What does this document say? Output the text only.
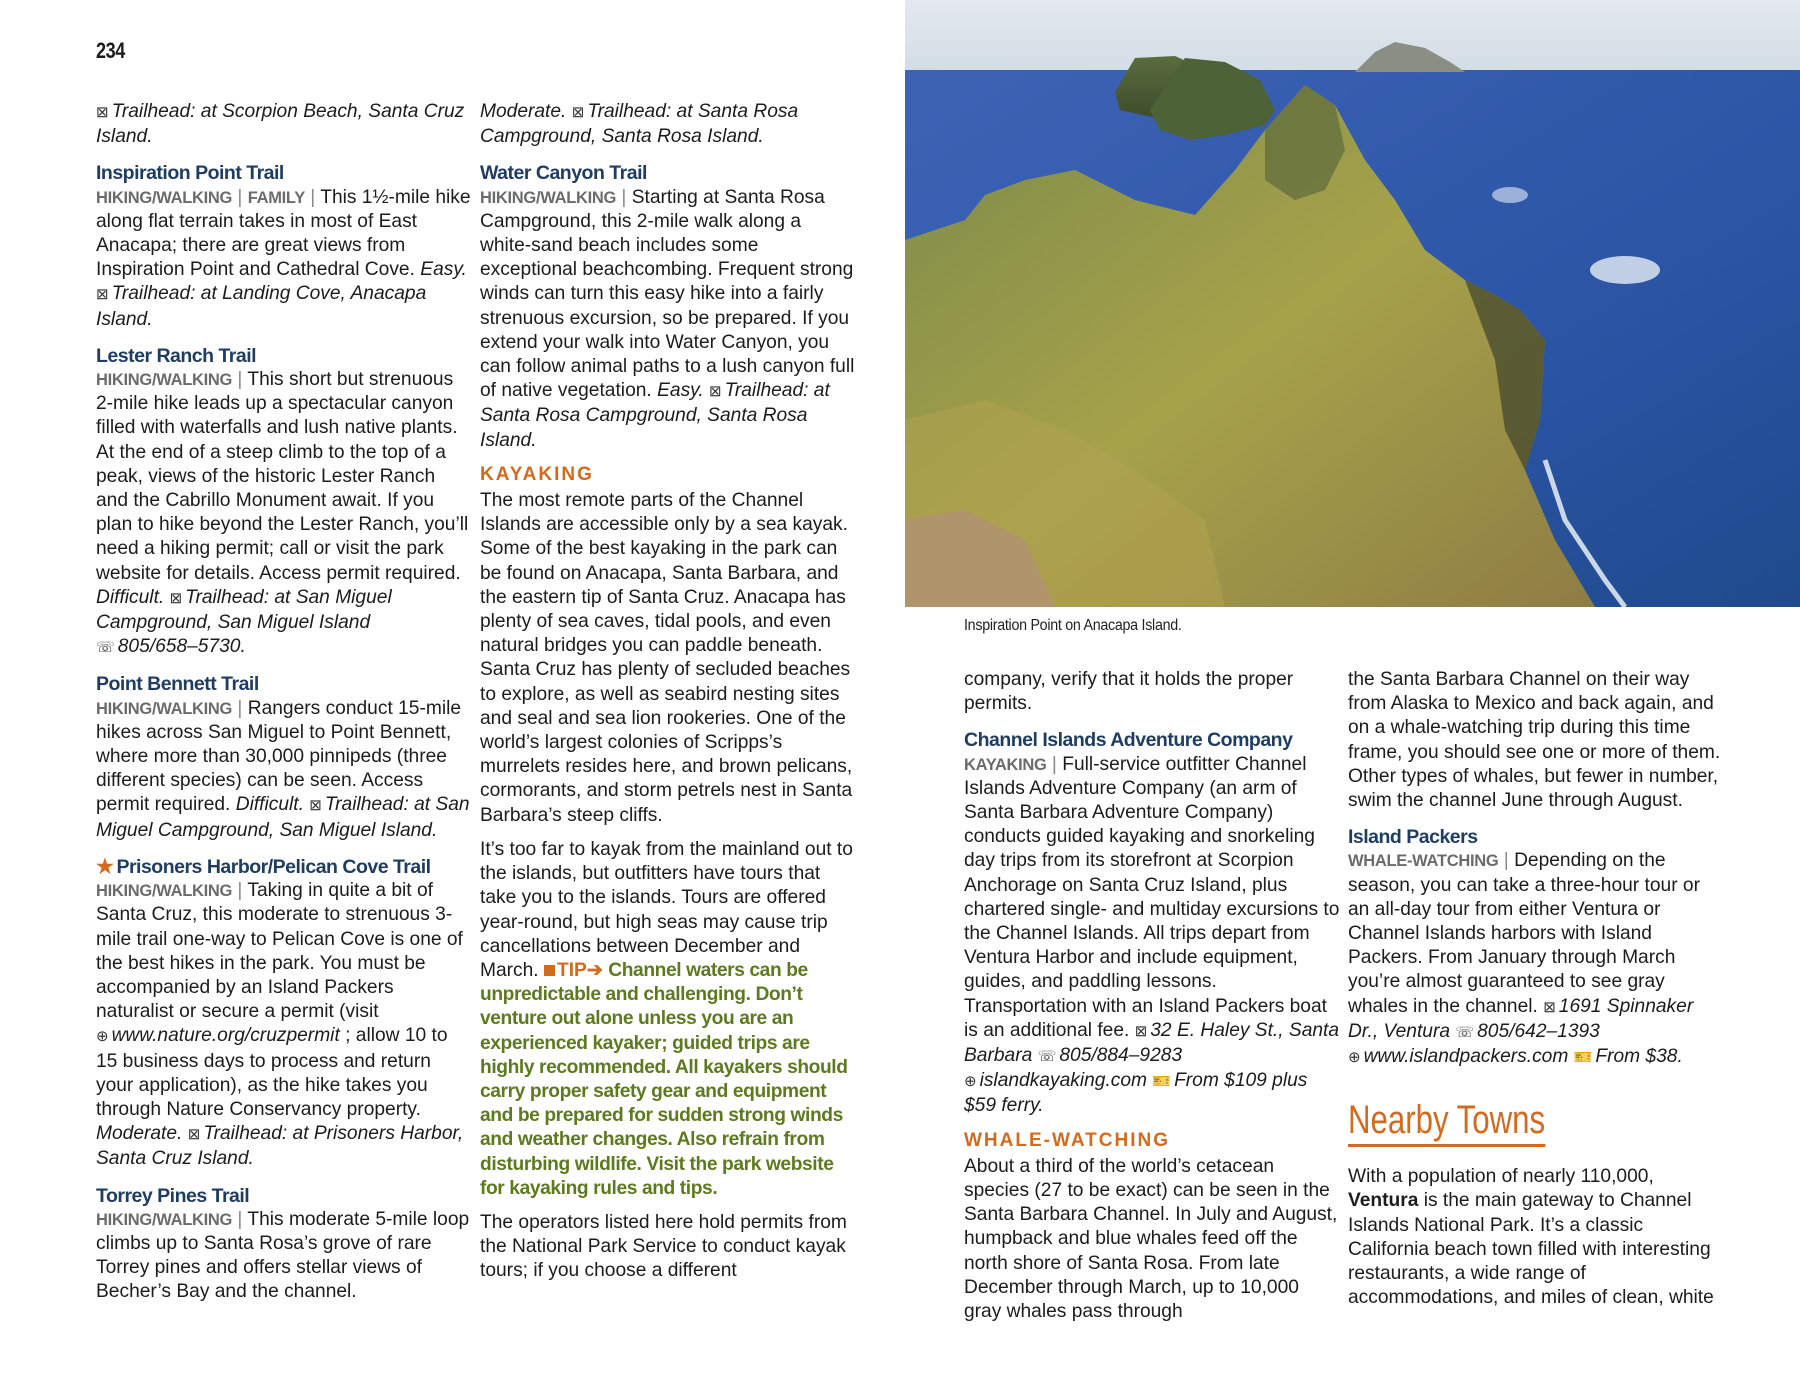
234

⊠ Trailhead: at Scorpion Beach, Santa Cruz Island.

Inspiration Point Trail

HIKING/WALKING | FAMILY | This 1½-mile hike along flat terrain takes in most of East Anacapa; there are great views from Inspiration Point and Cathedral Cove. Easy. ⊠ Trailhead: at Landing Cove, Anacapa Island.

Lester Ranch Trail

HIKING/WALKING | This short but strenuous 2-mile hike leads up a spectacular canyon filled with waterfalls and lush native plants. At the end of a steep climb to the top of a peak, views of the historic Lester Ranch and the Cabrillo Monument await. If you plan to hike beyond the Lester Ranch, you’ll need a hiking permit; call or visit the park website for details. Access permit required. Difficult. ⊠ Trailhead: at San Miguel Campground, San Miguel Island ☏ 805/658–5730.

Point Bennett Trail

HIKING/WALKING | Rangers conduct 15-mile hikes across San Miguel to Point Bennett, where more than 30,000 pinnipeds (three different species) can be seen. Access permit required. Difficult. ⊠ Trailhead: at San Miguel Campground, San Miguel Island.

★ Prisoners Harbor/Pelican Cove Trail

HIKING/WALKING | Taking in quite a bit of Santa Cruz, this moderate to strenuous 3-mile trail one-way to Pelican Cove is one of the best hikes in the park. You must be accompanied by an Island Packers naturalist or secure a permit (visit ⊕ www.nature.org/cruzpermit ; allow 10 to 15 business days to process and return your application), as the hike takes you through Nature Conservancy property. Moderate. ⊠ Trailhead: at Prisoners Harbor, Santa Cruz Island.

Torrey Pines Trail

HIKING/WALKING | This moderate 5-mile loop climbs up to Santa Rosa’s grove of rare Torrey pines and offers stellar views of Becher’s Bay and the channel.

Moderate. ⊠ Trailhead: at Santa Rosa Campground, Santa Rosa Island.

Water Canyon Trail

HIKING/WALKING | Starting at Santa Rosa Campground, this 2-mile walk along a white-sand beach includes some exceptional beachcombing. Frequent strong winds can turn this easy hike into a fairly strenuous excursion, so be prepared. If you extend your walk into Water Canyon, you can follow animal paths to a lush canyon full of native vegetation. Easy. ⊠ Trailhead: at Santa Rosa Campground, Santa Rosa Island.

KAYAKING

The most remote parts of the Channel Islands are accessible only by a sea kayak. Some of the best kayaking in the park can be found on Anacapa, Santa Barbara, and the eastern tip of Santa Cruz. Anacapa has plenty of sea caves, tidal pools, and even natural bridges you can paddle beneath. Santa Cruz has plenty of secluded beaches to explore, as well as seabird nesting sites and seal and sea lion rookeries. One of the world’s largest colonies of Scripps’s murrelets resides here, and brown pelicans, cormorants, and storm petrels nest in Santa Barbara’s steep cliffs.

It’s too far to kayak from the mainland out to the islands, but outfitters have tours that take you to the islands. Tours are offered year-round, but high seas may cause trip cancellations between December and March. TIP➔ Channel waters can be unpredictable and challenging. Don’t venture out alone unless you are an experienced kayaker; guided trips are highly recommended. All kayakers should carry proper safety gear and equipment and be prepared for sudden strong winds and weather changes. Also refrain from disturbing wildlife. Visit the park website for kayaking rules and tips.

The operators listed here hold permits from the National Park Service to conduct kayak tours; if you choose a different

Inspiration Point on Anacapa Island.

company, verify that it holds the proper permits.

Channel Islands Adventure Company

KAYAKING | Full-service outfitter Channel Islands Adventure Company (an arm of Santa Barbara Adventure Company) conducts guided kayaking and snorkeling day trips from its storefront at Scorpion Anchorage on Santa Cruz Island, plus chartered single- and multiday excursions to the Channel Islands. All trips depart from Ventura Harbor and include equipment, guides, and paddling lessons. Transportation with an Island Packers boat is an additional fee. ⊠ 32 E. Haley St., Santa Barbara ☏ 805/884–9283 ⊕ islandkayaking.com 🎫 From $109 plus $59 ferry.

WHALE-WATCHING

About a third of the world’s cetacean species (27 to be exact) can be seen in the Santa Barbara Channel. In July and August, humpback and blue whales feed off the north shore of Santa Rosa. From late December through March, up to 10,000 gray whales pass through

the Santa Barbara Channel on their way from Alaska to Mexico and back again, and on a whale-watching trip during this time frame, you should see one or more of them. Other types of whales, but fewer in number, swim the channel June through August.

Island Packers

WHALE-WATCHING | Depending on the season, you can take a three-hour tour or an all-day tour from either Ventura or Channel Islands harbors with Island Packers. From January through March you’re almost guaranteed to see gray whales in the channel. ⊠ 1691 Spinnaker Dr., Ventura ☏ 805/642–1393 ⊕ www.islandpackers.com 🎫 From $38.

Nearby Towns

With a population of nearly 110,000, Ventura is the main gateway to Channel Islands National Park. It’s a classic California beach town filled with interesting restaurants, a wide range of accommodations, and miles of clean, white
